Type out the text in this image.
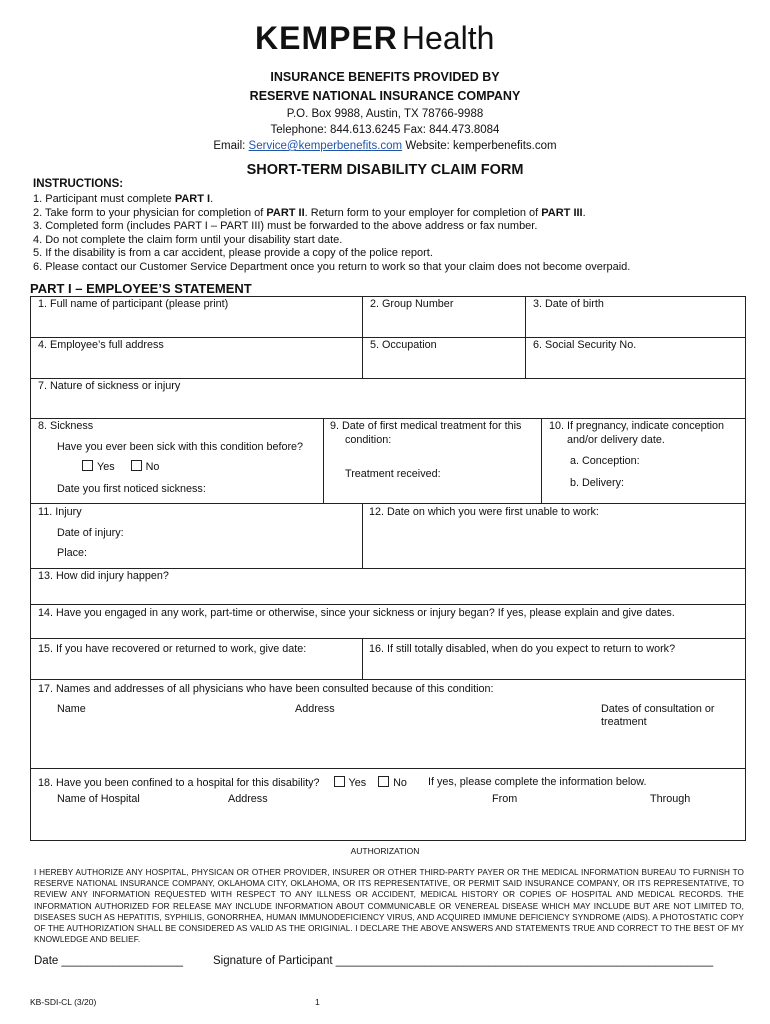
KEMPER Health
INSURANCE BENEFITS PROVIDED BY
RESERVE NATIONAL INSURANCE COMPANY
P.O. Box 9988, Austin, TX 78766-9988
Telephone: 844.613.6245 Fax: 844.473.8084
Email: Service@kemperbenefits.com Website: kemperbenefits.com
SHORT-TERM DISABILITY CLAIM FORM
INSTRUCTIONS:
1. Participant must complete PART I.
2. Take form to your physician for completion of PART II. Return form to your employer for completion of PART III.
3. Completed form (includes PART I – PART III) must be forwarded to the above address or fax number.
4. Do not complete the claim form until your disability start date.
5. If the disability is from a car accident, please provide a copy of the police report.
6. Please contact our Customer Service Department once you return to work so that your claim does not become overpaid.
PART I – EMPLOYEE’S STATEMENT
1. Full name of participant (please print)	2. Group Number	3. Date of birth
4. Employee’s full address	5. Occupation	6. Social Security No.
7. Nature of sickness or injury
8. Sickness
Have you ever been sick with this condition before?
Yes	No
Date you first noticed sickness:
9. Date of first medical treatment for this
condition:
Treatment received:
10. If pregnancy, indicate conception
and/or delivery date.
a. Conception:
b. Delivery:
11. Injury
Date of injury:
Place:
12. Date on which you were first unable to work:
13. How did injury happen?
14. Have you engaged in any work, part-time or otherwise, since your sickness or injury began? If yes, please explain and give dates.
15. If you have recovered or returned to work, give date:	16. If still totally disabled, when do you expect to return to work?
17. Names and addresses of all physicians who have been consulted because of this condition:
Name	Address	Dates of consultation or
treatment
18. Have you been confined to a hospital for this disability?	Yes	No If yes, please complete the information below.
Name of Hospital	Address	From	Through
AUTHORIZATION
I HEREBY AUTHORIZE ANY HOSPITAL, PHYSICAN OR OTHER PROVIDER, INSURER OR OTHER THIRD-PARTY PAYER OR THE MEDICAL INFORMATION BUREAU TO FURNISH TO RESERVE NATIONAL INSURANCE COMPANY, OKLAHOMA CITY, OKLAHOMA, OR ITS REPRESENTATIVE, OR PERMIT SAID INSURANCE COMPANY, OR ITS REPRESENTATIVE, TO REVIEW ANY INFORMATION REQUESTED WITH RESPECT TO ANY ILLNESS OR ACCIDENT, MEDICAL HISTORY OR COPIES OF HOSPITAL AND MEDICAL RECORDS. THE INFORMATION AUTHORIZED FOR RELEASE MAY INCLUDE INFORMATION ABOUT COMMUNICABLE OR VENEREAL DISEASE WHICH MAY INCLUDE BUT ARE NOT LIMITED TO, DISEASES SUCH AS HEPATITIS, SYPHILIS, GONORRHEA, HUMAN IMMUNODEFICIENCY VIRUS, AND ACQUIRED IMMUNE DEFICIENCY SYNDROME (AIDS). A PHOTOSTATIC COPY OF THE AUTHORIZATION SHALL BE CONSIDERED AS VALID AS THE ORIGINIAL. I DECLARE THE ABOVE ANSWERS AND STATEMENTS TRUE AND CORRECT TO THE BEST OF MY KNOWLEDGE AND BELIEF.
Date ___________________	Signature of Participant ___________________________________________________________
KB-SDI-CL (3/20)	1
